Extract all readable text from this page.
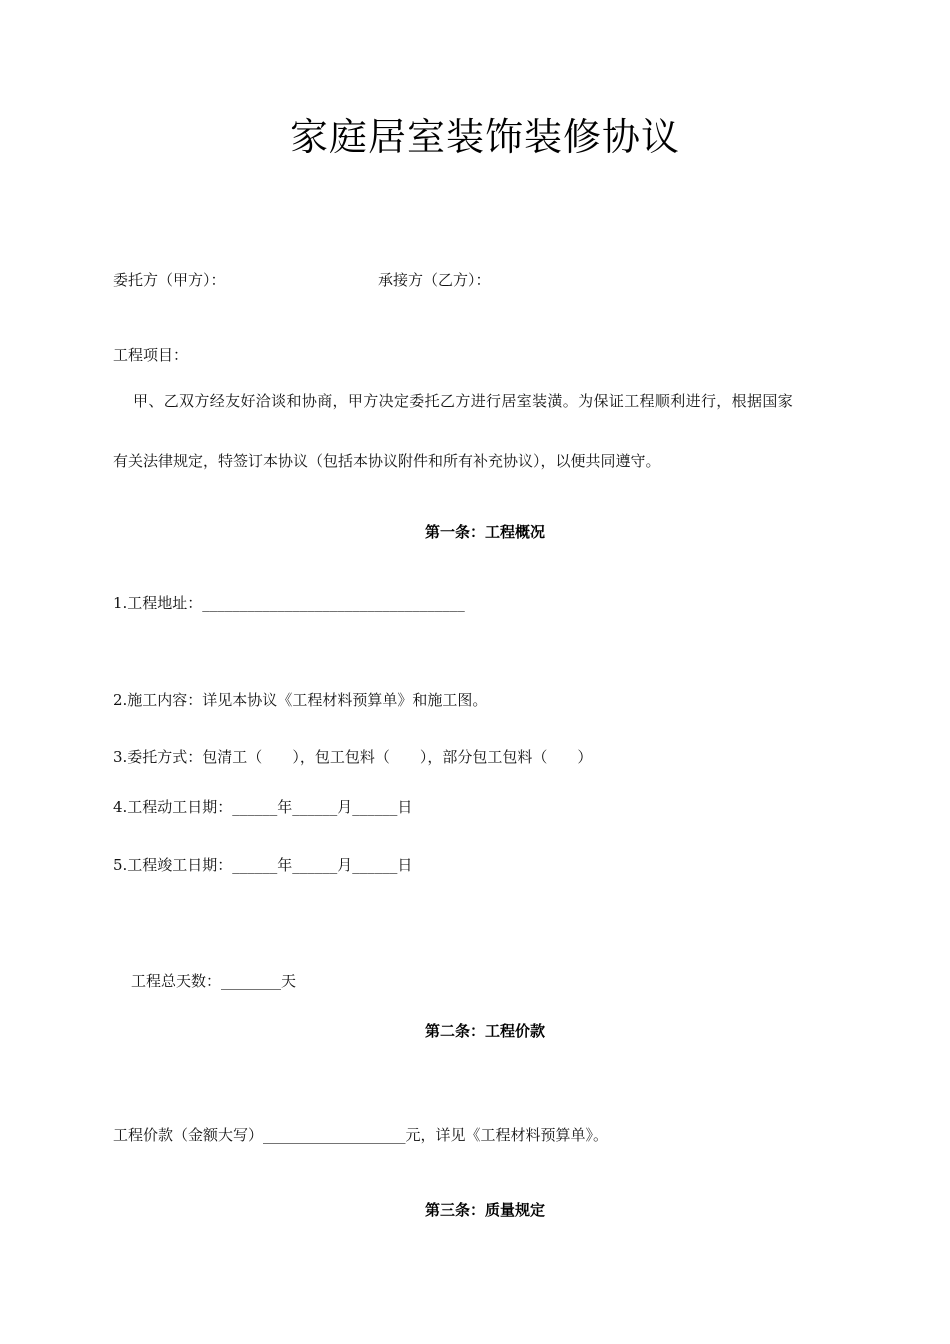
家庭居室装饰装修协议
委托方（甲方）：	承接方（乙方）：
工程项目：
甲、乙双方经友好洽谈和协商，甲方决定委托乙方进行居室装潢。为保证工程顺利进行，根据国家
有关法律规定，特签订本协议（包括本协议附件和所有补充协议），以便共同遵守。
第一条：工程概况
1.工程地址：___________________________________
2.施工内容：详见本协议《工程材料预算单》和施工图。
3.委托方式：包清工（　　），包工包料（　　），部分包工包料（　　）
4.工程动工日期：______年______月______日
5.工程竣工日期：______年______月______日
工程总天数：________天
第二条：工程价款
工程价款（金额大写）___________________元，详见《工程材料预算单》。
第三条：质量规定
